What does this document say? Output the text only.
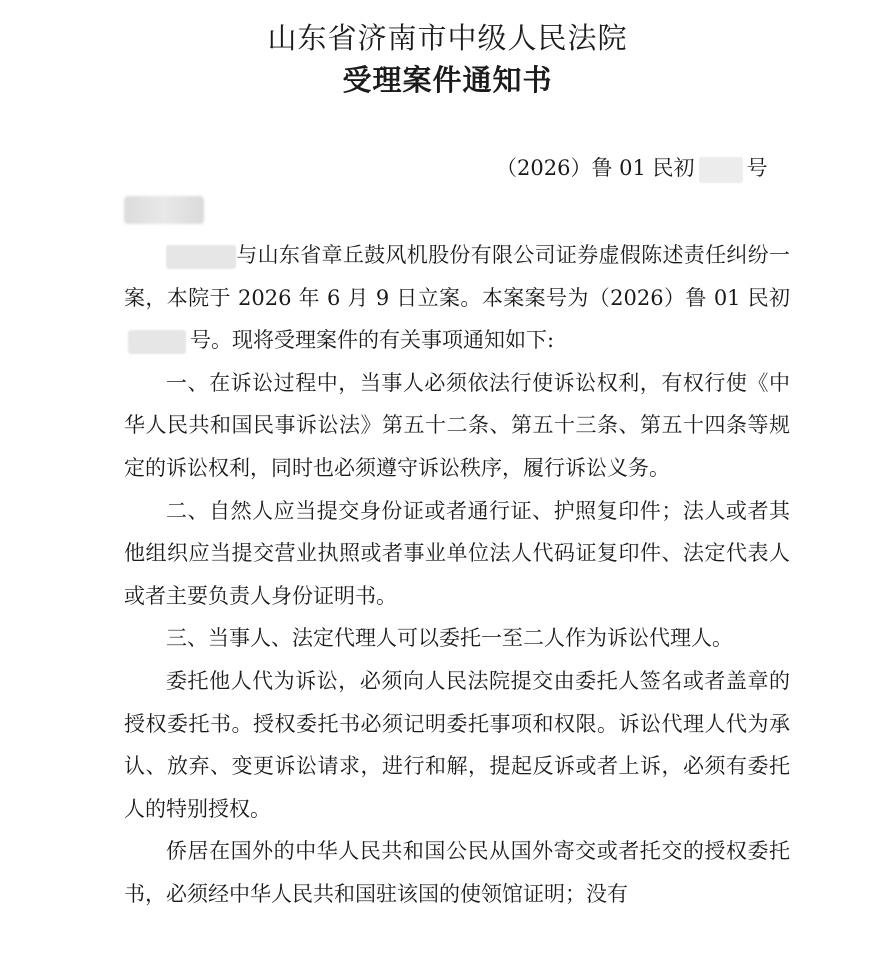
山东省济南市中级人民法院
受理案件通知书
（2026）鲁 01 民初 号

与山东省章丘鼓风机股份有限公司证券虚假陈述责任纠纷一案，本院于 2026 年 6 月 9 日立案。本案案号为（2026）鲁 01 民初号。现将受理案件的有关事项通知如下:

一、在诉讼过程中，当事人必须依法行使诉讼权利，有权行使《中华人民共和国民事诉讼法》第五十二条、第五十三条、第五十四条等规定的诉讼权利，同时也必须遵守诉讼秩序，履行诉讼义务。

二、自然人应当提交身份证或者通行证、护照复印件；法人或者其他组织应当提交营业执照或者事业单位法人代码证复印件、法定代表人或者主要负责人身份证明书。

三、当事人、法定代理人可以委托一至二人作为诉讼代理人。

委托他人代为诉讼，必须向人民法院提交由委托人签名或者盖章的授权委托书。授权委托书必须记明委托事项和权限。诉讼代理人代为承认、放弃、变更诉讼请求，进行和解，提起反诉或者上诉，必须有委托人的特别授权。

侨居在国外的中华人民共和国公民从国外寄交或者托交的授权委托书，必须经中华人民共和国驻该国的使领馆证明；没有
